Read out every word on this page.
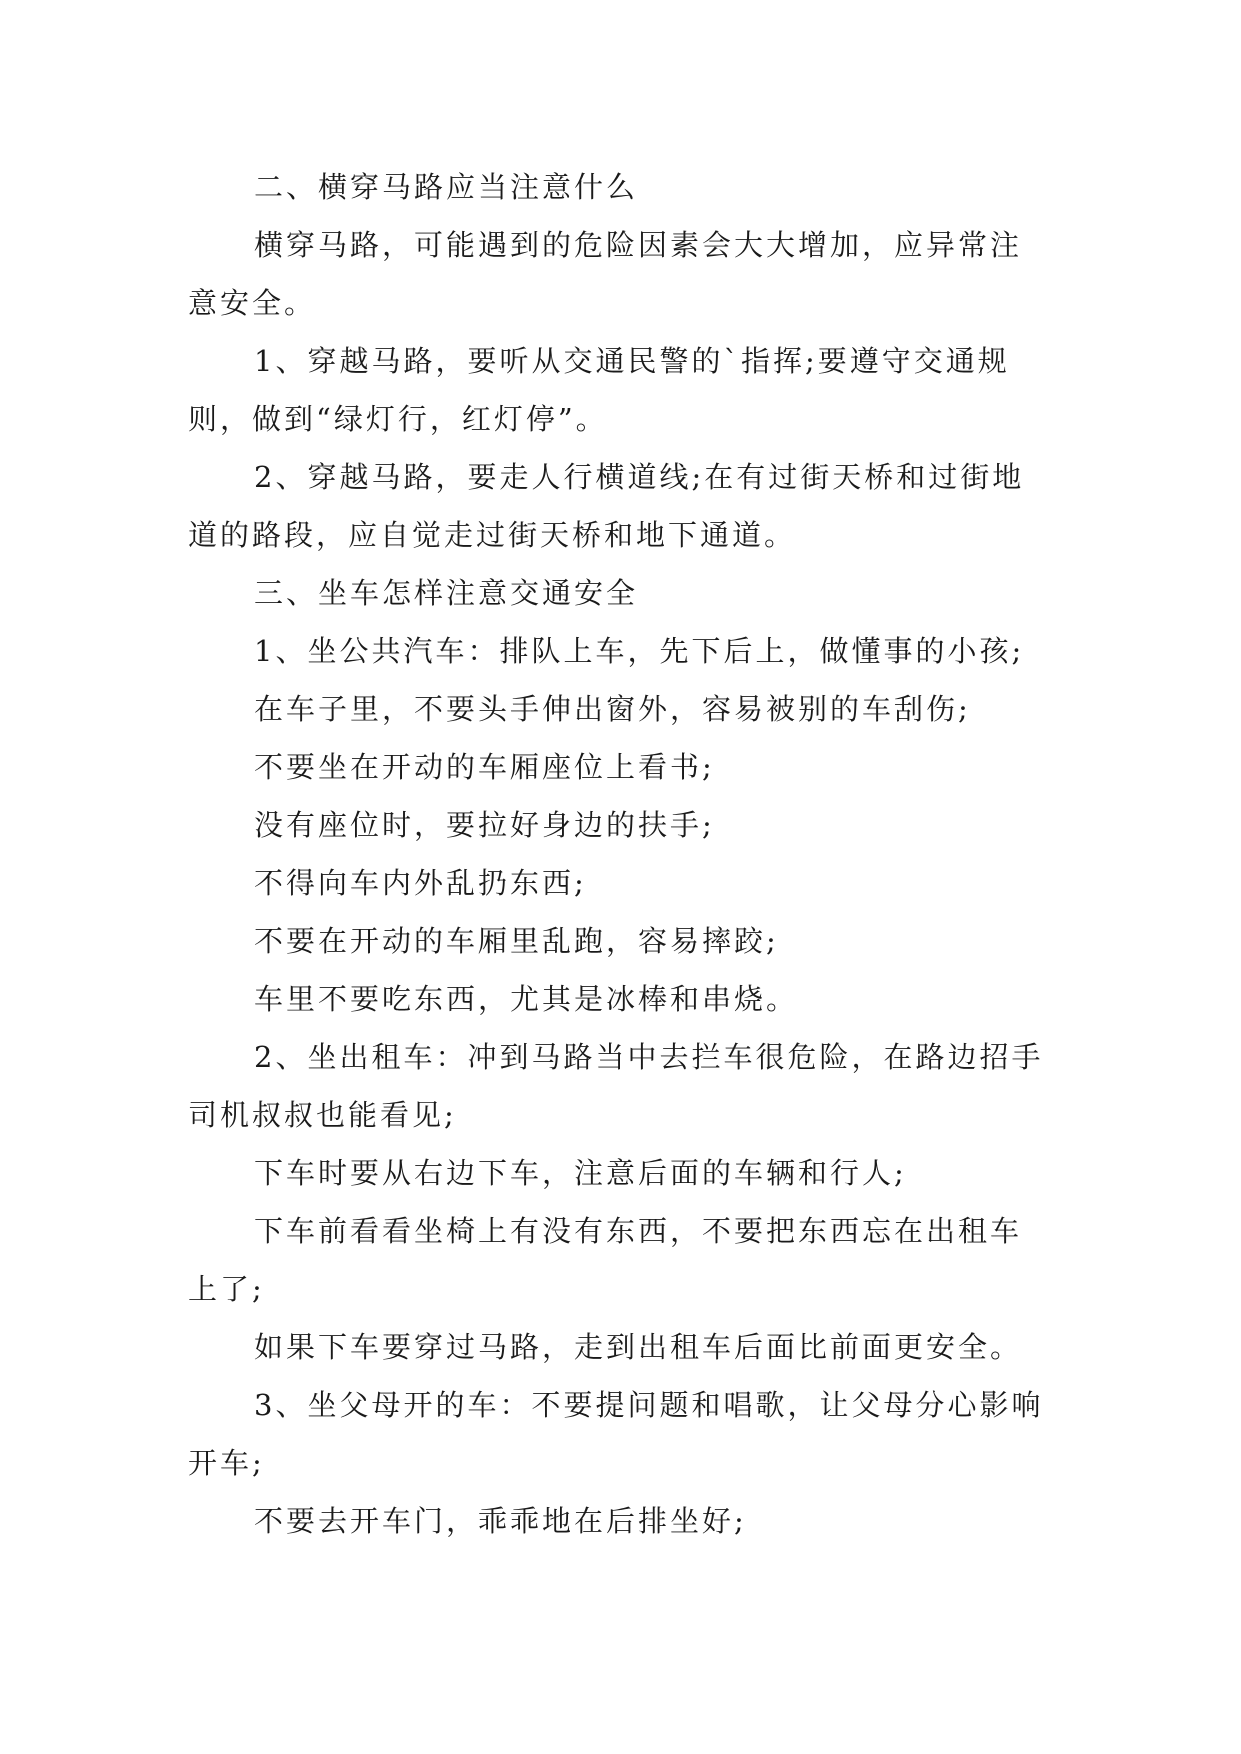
二、横穿马路应当注意什么

横穿马路，可能遇到的危险因素会大大增加，应异常注意安全。

1、穿越马路，要听从交通民警的`指挥;要遵守交通规则，做到“绿灯行，红灯停”。

2、穿越马路，要走人行横道线;在有过街天桥和过街地道的路段，应自觉走过街天桥和地下通道。

三、坐车怎样注意交通安全

1、坐公共汽车：排队上车，先下后上，做懂事的小孩;

在车子里，不要头手伸出窗外，容易被别的车刮伤;

不要坐在开动的车厢座位上看书;

没有座位时，要拉好身边的扶手;

不得向车内外乱扔东西;

不要在开动的车厢里乱跑，容易摔跤;

车里不要吃东西，尤其是冰棒和串烧。

2、坐出租车：冲到马路当中去拦车很危险，在路边招手司机叔叔也能看见;

下车时要从右边下车，注意后面的车辆和行人;

下车前看看坐椅上有没有东西，不要把东西忘在出租车上了;

如果下车要穿过马路，走到出租车后面比前面更安全。

3、坐父母开的车：不要提问题和唱歌，让父母分心影响开车;

不要去开车门，乖乖地在后排坐好;
